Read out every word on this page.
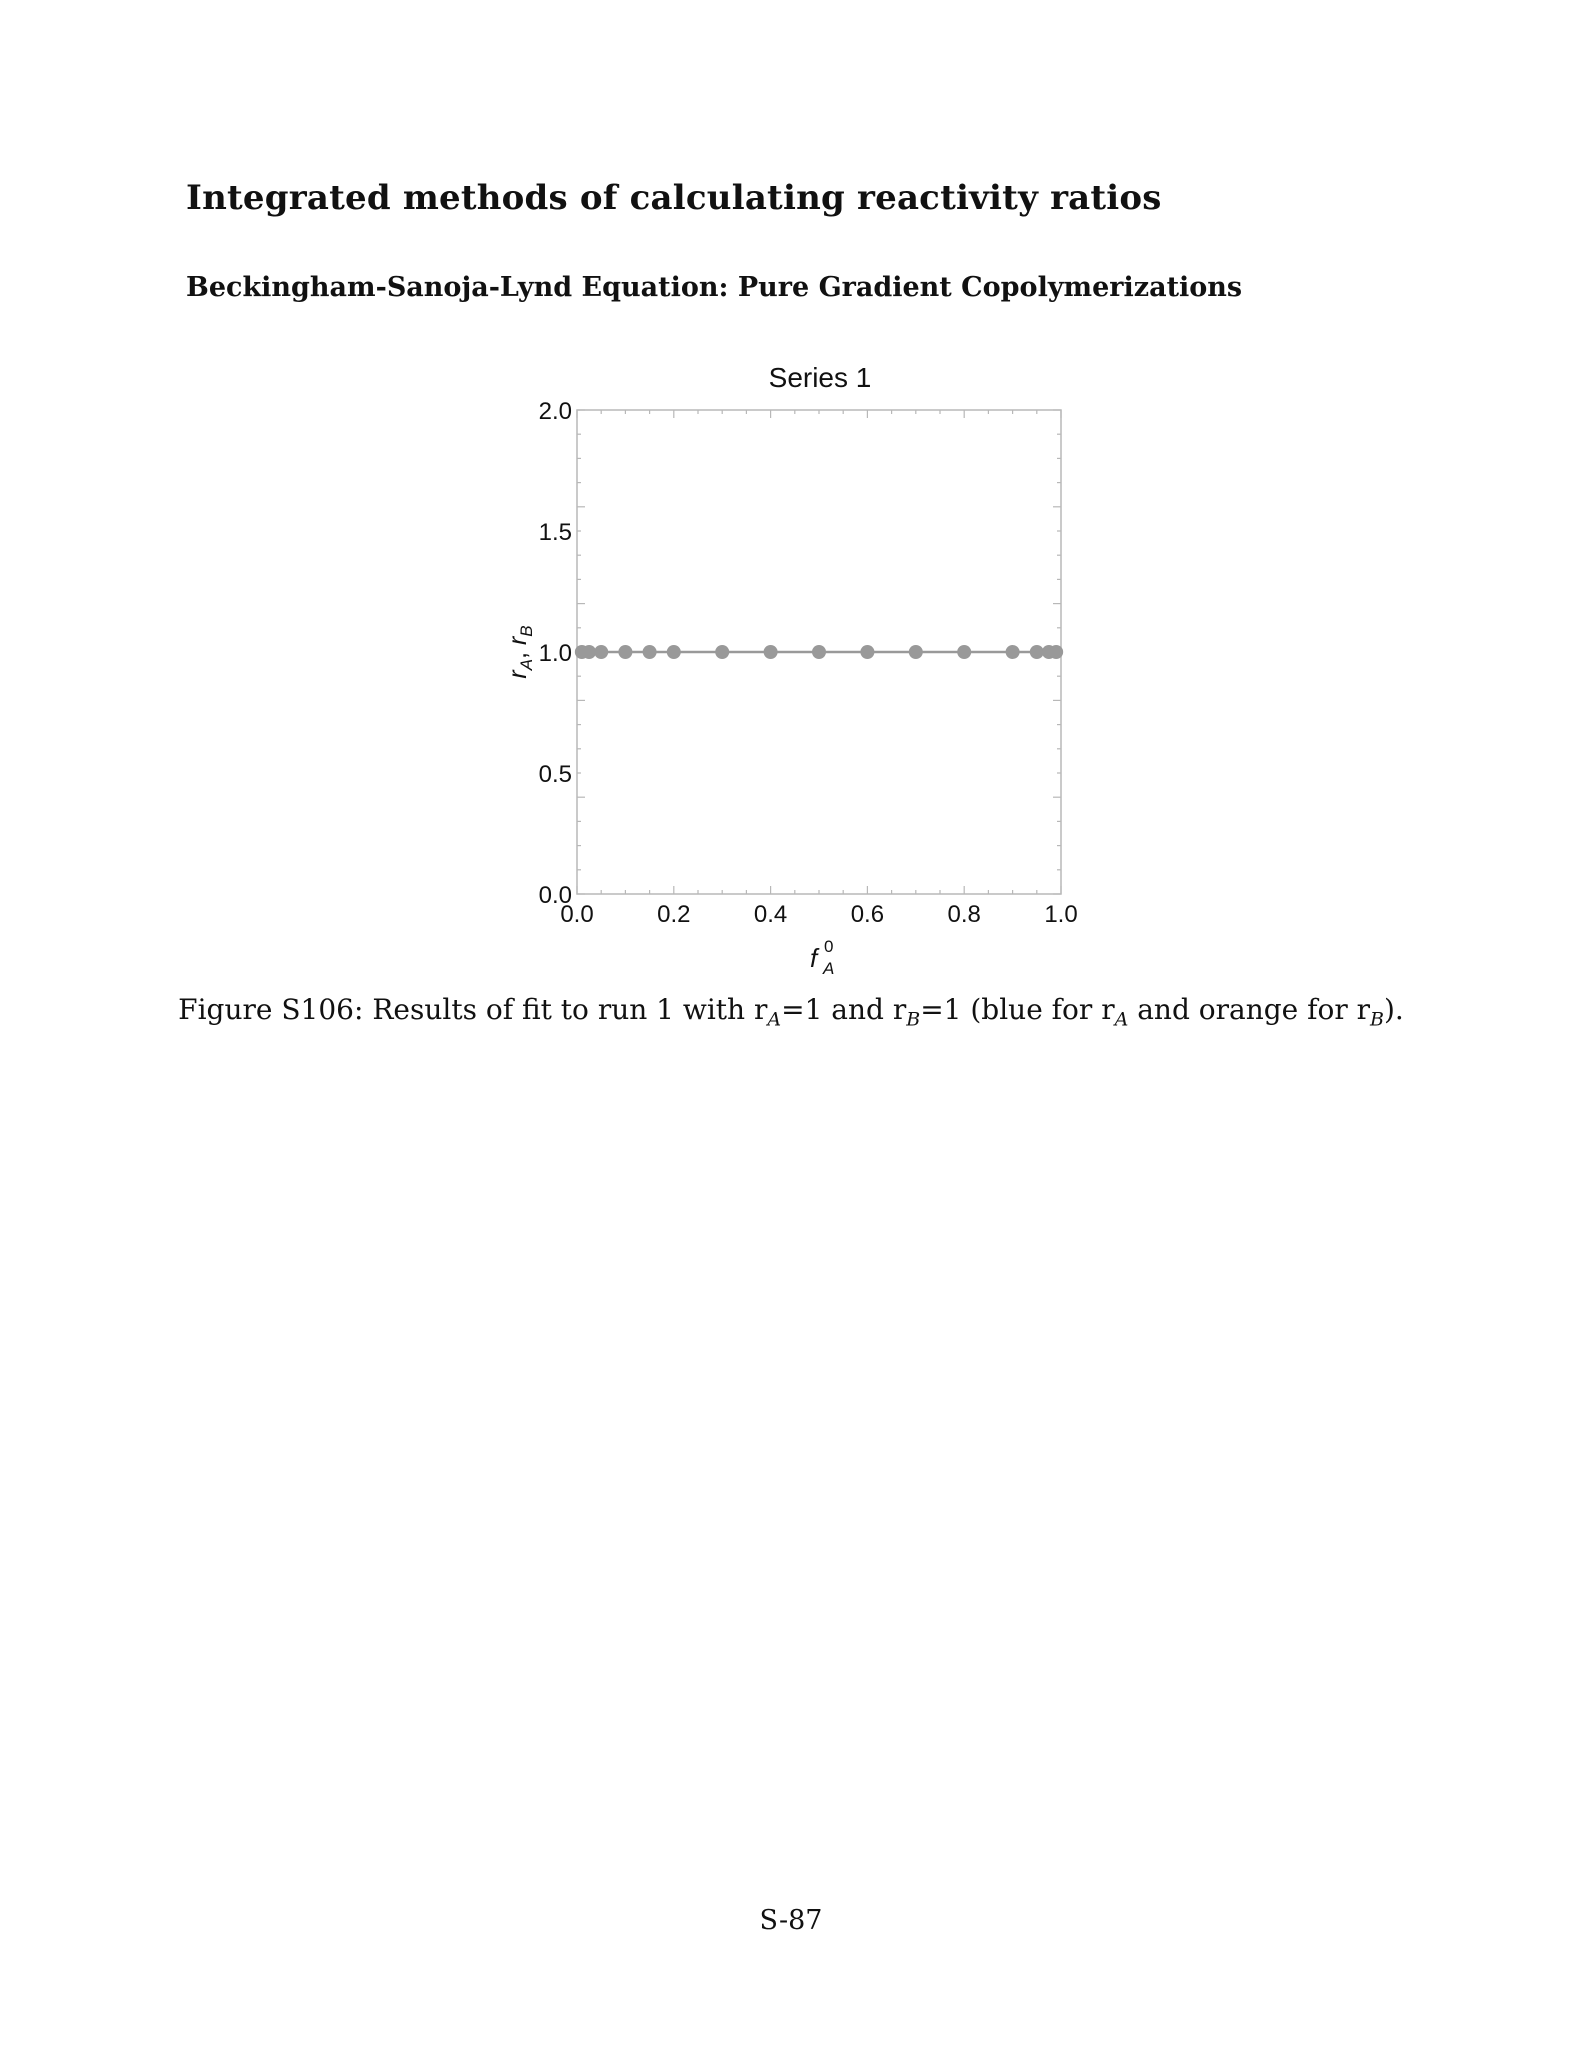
Integrated methods of calculating reactivity ratios
Beckingham-Sanoja-Lynd Equation: Pure Gradient Copolymerizations
Series 1
0.0	0.2	0.4	0.6	0.8	1.0
0.0
0.5
1.0
1.5
2.0
$r_A$, $r_B$
f 0
A
Figure S106: Results of fit to run 1 with $r_A=1$ and $r_B=1$ (blue for $r_A$ and orange for $r_B$).
S-87
